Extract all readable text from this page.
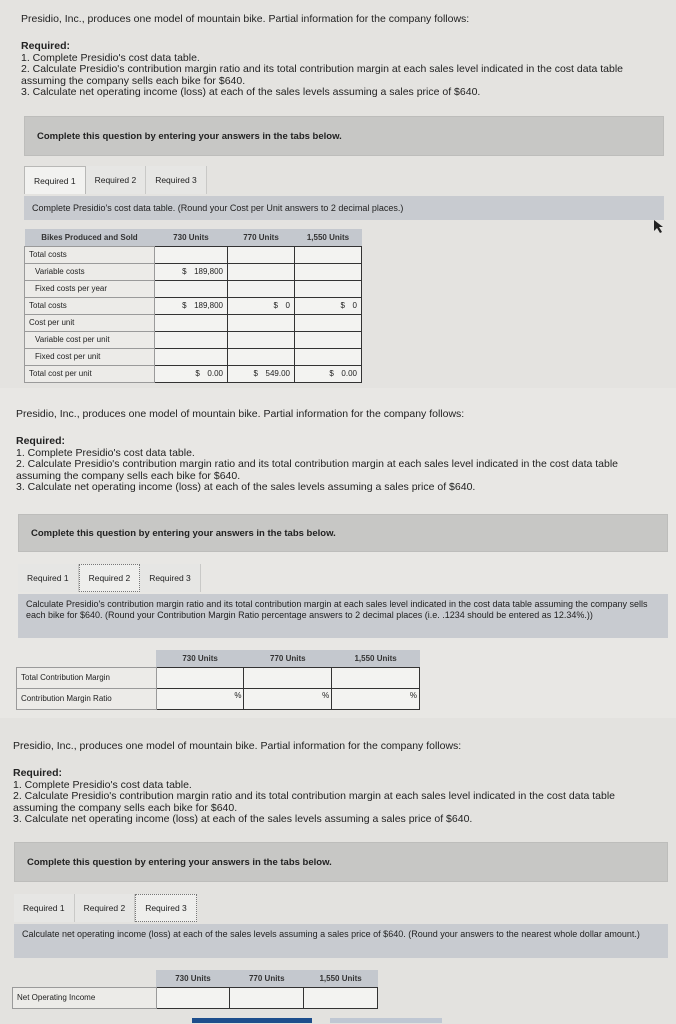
Presidio, Inc., produces one model of mountain bike. Partial information for the company follows:

Required:

1. Complete Presidio's cost data table.

2. Calculate Presidio's contribution margin ratio and its total contribution margin at each sales level indicated in the cost data table

assuming the company sells each bike for $640.

3. Calculate net operating income (loss) at each of the sales levels assuming a sales price of $640.

Complete this question by entering your answers in the tabs below.
Required 1	Required 2	Required 3
Complete Presidio's cost data table. (Round your Cost per Unit answers to 2 decimal places.)
Bikes Produced and Sold	730 Units	770 Units	1,550 Units
Total costs			
Variable costs	$ 189,800		
Fixed costs per year			
Total costs	$ 189,800	$ 0	$ 0
Cost per unit			
Variable cost per unit			
Fixed cost per unit			
Total cost per unit	$ 0.00	$ 549.00	$ 0.00
Presidio, Inc., produces one model of mountain bike. Partial information for the company follows:

Required:

1. Complete Presidio's cost data table.

2. Calculate Presidio's contribution margin ratio and its total contribution margin at each sales level indicated in the cost data table

assuming the company sells each bike for $640.

3. Calculate net operating income (loss) at each of the sales levels assuming a sales price of $640.

Complete this question by entering your answers in the tabs below.
Required 1	Required 2	Required 3
Calculate Presidio's contribution margin ratio and its total contribution margin at each sales level indicated in the cost data table assuming the company sells each bike for $640. (Round your Contribution Margin Ratio percentage answers to 2 decimal places (i.e. .1234 should be entered as 12.34%.))
	730 Units	770 Units	1,550 Units
Total Contribution Margin			
Contribution Margin Ratio	%	%	%
Presidio, Inc., produces one model of mountain bike. Partial information for the company follows:

Required:

1. Complete Presidio's cost data table.

2. Calculate Presidio's contribution margin ratio and its total contribution margin at each sales level indicated in the cost data table

assuming the company sells each bike for $640.

3. Calculate net operating income (loss) at each of the sales levels assuming a sales price of $640.

Complete this question by entering your answers in the tabs below.
Required 1	Required 2	Required 3
Calculate net operating income (loss) at each of the sales levels assuming a sales price of $640. (Round your answers to the nearest whole dollar amount.)
	730 Units	770 Units	1,550 Units
Net Operating Income			
